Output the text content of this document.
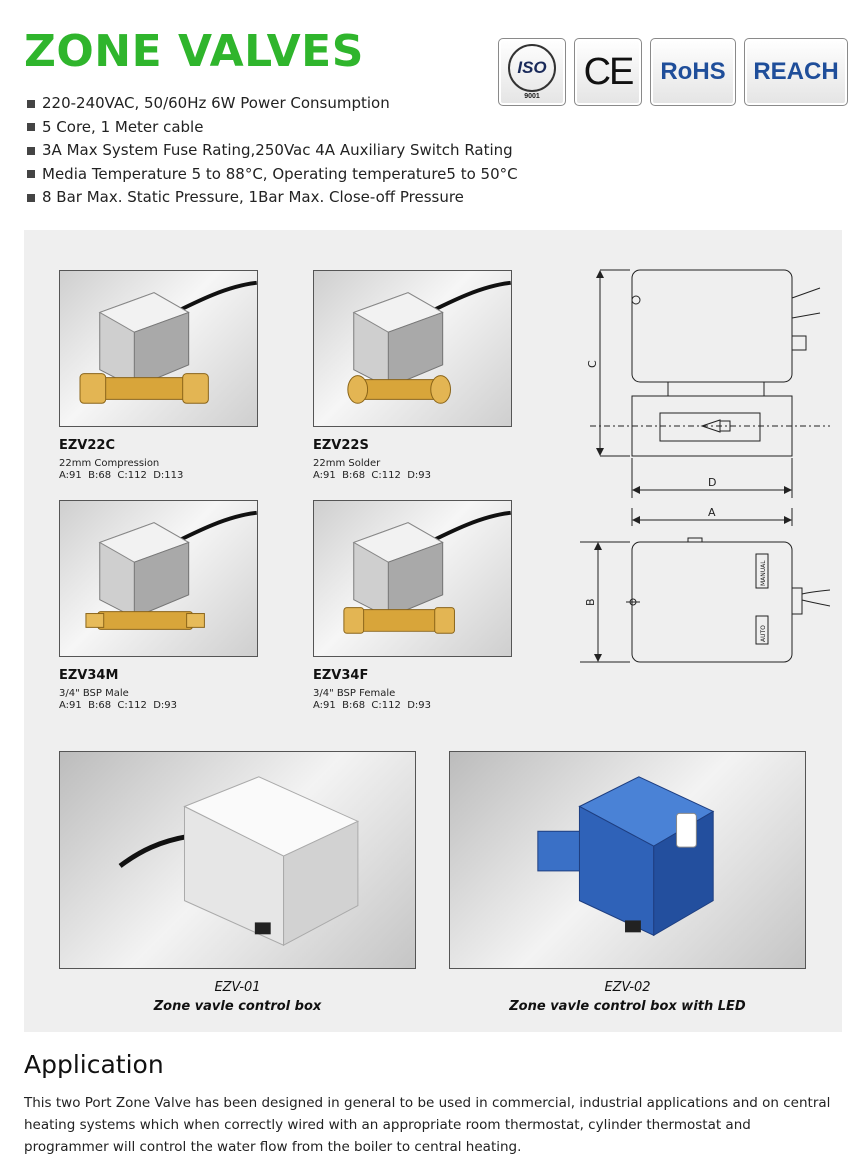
ZONE VALVES	ISO
9001
CE	RoHS	REACH
220-240VAC, 50/60Hz 6W Power Consumption
5 Core, 1 Meter cable
3A Max System Fuse Rating,250Vac 4A Auxiliary Switch Rating
Media Temperature 5 to 88°C, Operating temperature5 to 50°C
8 Bar Max. Static Pressure, 1Bar Max. Close-off Pressure
EZV22C
22mm Compression
A:91  B:68  C:112  D:113
EZV22S
22mm Solder
A:91  B:68  C:112  D:93
EZV34M
3/4" BSP Male
A:91  B:68  C:112  D:93
EZV34F
3/4" BSP Female
A:91  B:68  C:112  D:93
C
D
A
B
MANUAL
AUTO
EZV-01
Zone vavle control box
EZV-02
Zone vavle control box with LED
Application
This two Port Zone Valve has been designed in general to be used in commercial, industrial applications and on central heating systems which when correctly wired with an appropriate room thermostat, cylinder thermostat and programmer will control the water flow from the boiler to central heating.
